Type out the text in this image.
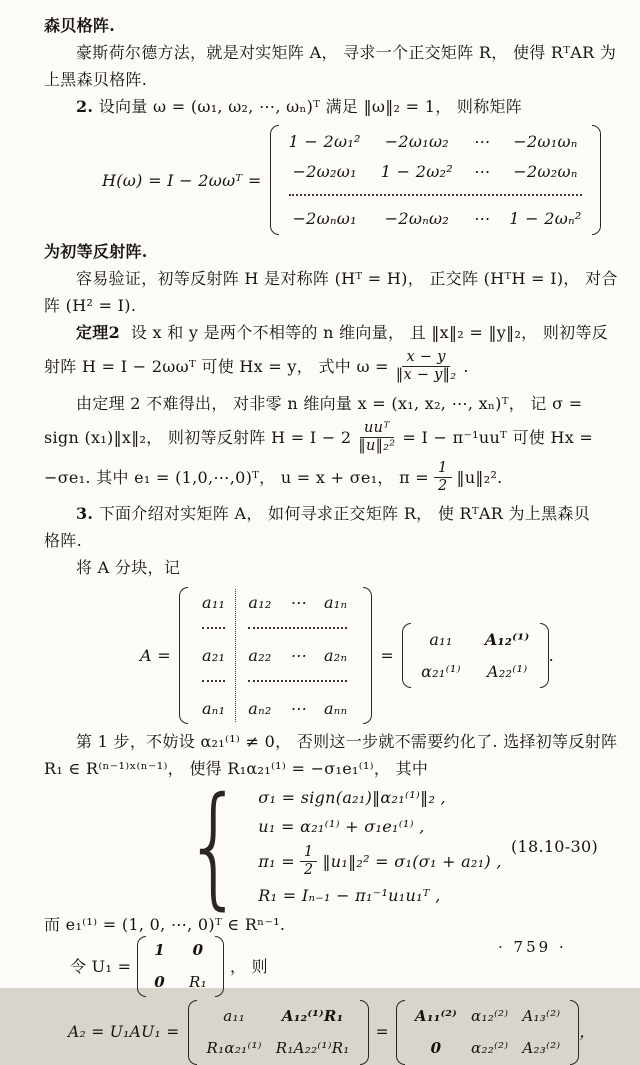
森贝格阵.
豪斯荷尔德方法，就是对实矩阵 A， 寻求一个正交矩阵 R， 使得 RᵀAR 为
上黑森贝格阵.
2. 设向量 ω = (ω₁, ω₂, ⋯, ωₙ)ᵀ 满足 ‖ω‖₂ = 1， 则称矩阵
H(ω) = I − 2ωωᵀ =
1 − 2ω₁² −2ω₁ω₂ ⋯ −2ω₁ωₙ
−2ω₂ω₁ 1 − 2ω₂² ⋯ −2ω₂ωₙ
−2ωₙω₁ −2ωₙω₂ ⋯ 1 − 2ωₙ²
为初等反射阵.
容易验证，初等反射阵 H 是对称阵 (Hᵀ = H)， 正交阵 (HᵀH = I)， 对合
阵 (H² = I).
定理2 设 x 和 y 是两个不相等的 n 维向量， 且 ‖x‖₂ = ‖y‖₂， 则初等反
射阵 H = I − 2ωωᵀ 可使 Hx = y， 式中 $\omega = \frac{x - y}{\text{‖x − y‖₂}}$ .
由定理 2 不难得出， 对非零 n 维向量 x = (x₁, x₂, ⋯, xₙ)ᵀ， 记 σ =
sign (x₁)‖x‖₂， 则初等反射阵 $H = I - 2 \frac{\text{uuᵀ}}{\text{‖u‖₂²}} = I$ − π⁻¹uuᵀ 可使 Hx =
−σe₁. 其中 e₁ = (1,0,⋯,0)ᵀ， u = x + σe₁， $\pi = \frac{1}{2}$ ‖u‖₂².
3. 下面介绍对实矩阵 A， 如何寻求正交矩阵 R， 使 RᵀAR 为上黑森贝
格阵.
将 A 分块，记
A =
a₁₁
a₂₁
aₙ₁
a₁₂ ⋯ a₁ₙ
a₂₂ ⋯ a₂ₙ
aₙ₂ ⋯ aₙₙ
=
a₁₁ A₁₂⁽¹⁾
α₂₁⁽¹⁾ A₂₂⁽¹⁾
.
第 1 步，不妨设 α₂₁⁽¹⁾ ≠ 0， 否则这一步就不需要约化了. 选择初等反射阵
R₁ ∈ R⁽ⁿ⁻¹⁾ˣ⁽ⁿ⁻¹⁾， 使得 R₁α₂₁⁽¹⁾ = −σ₁e₁⁽¹⁾， 其中
{ σ₁ = sign(a₂₁)‖α₂₁⁽¹⁾‖₂ ,
u₁ = α₂₁⁽¹⁾ + σ₁e₁⁽¹⁾ ,
$\pi_1 = \frac{1}{2}$ ‖u₁‖₂² = σ₁(σ₁ + a₂₁) ,
R₁ = Iₙ₋₁ − π₁⁻¹u₁u₁ᵀ ,
(18.10-30)
而 e₁⁽¹⁾ = (1, 0, ⋯, 0)ᵀ ∈ Rⁿ⁻¹.
令 U₁ =
1 0
0 R₁
， 则
A₂ = U₁AU₁ =
a₁₁ A₁₂⁽¹⁾R₁
R₁α₂₁⁽¹⁾ R₁A₂₂⁽¹⁾R₁
=
A₁₁⁽²⁾ α₁₂⁽²⁾ A₁₃⁽²⁾
0 α₂₂⁽²⁾ A₂₃⁽²⁾
，
· 759 ·
